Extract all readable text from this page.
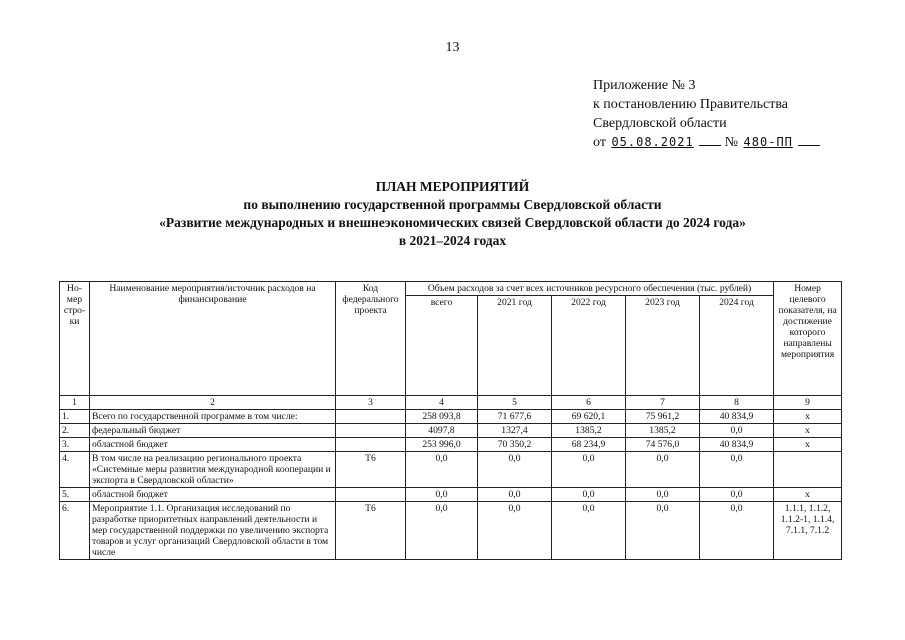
13
Приложение № 3
к постановлению Правительства
Свердловской области
от 05.08.2021 № 480-ПП
ПЛАН МЕРОПРИЯТИЙ
по выполнению государственной программы Свердловской области
«Развитие международных и внешнеэкономических связей Свердловской области до 2024 года»
в 2021–2024 годах
Но-мер стро-ки	Наименование мероприятия/источник расходов на финансирование	Код федерального проекта	Объем расходов за счет всех источников ресурсного обеспечения (тыс. рублей)					Номер целевого показателя, на достижение которого направлены мероприятия
			всего	2021 год	2022 год	2023 год	2024 год	
1	2	3	4	5	6	7	8	9
1.	Всего по государственной программе в том числе:		258 093,8	71 677,6	69 620,1	75 961,2	40 834,9	x
2.	федеральный бюджет		4097,8	1327,4	1385,2	1385,2	0,0	x
3.	областной бюджет		253 996,0	70 350,2	68 234,9	74 576,0	40 834,9	x
4.	В том числе на реализацию регионального проекта «Системные меры развития международной кооперации и экспорта в Свердловской области»	Т6	0,0	0,0	0,0	0,0	0,0	
5.	областной бюджет		0,0	0,0	0,0	0,0	0,0	x
6.	Мероприятие 1.1. Организация исследований по разработке приоритетных направлений деятельности и мер государственной поддержки по увеличению экспорта товаров и услуг организаций Свердловской области в том числе	Т6	0,0	0,0	0,0	0,0	0,0	1.1.1, 1.1.2, 1.1.2-1, 1.1.4, 7.1.1, 7.1.2
